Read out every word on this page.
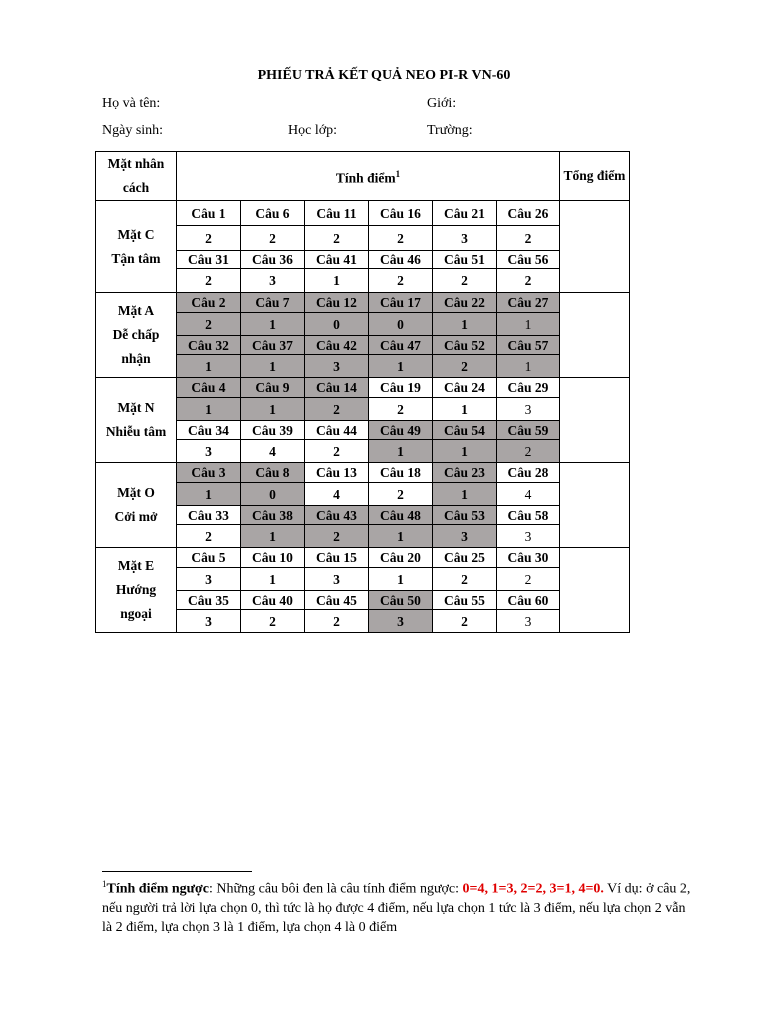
PHIẾU TRẢ KẾT QUẢ NEO PI-R VN-60
Họ và tên:	Giới:
Ngày sinh:	Học lớp:	Trường:
Mặt nhân cách	Tính điểm$^1$						Tổng điểm
Mặt C
Tận tâm	Câu 1	Câu 6	Câu 11	Câu 16	Câu 21	Câu 26	
	2	2	2	2	3	2	
	Câu 31	Câu 36	Câu 41	Câu 46	Câu 51	Câu 56	
	2	3	1	2	2	2	
Mặt A
Dễ chấp
nhận	Câu 2	Câu 7	Câu 12	Câu 17	Câu 22	Câu 27	
	2	1	0	0	1	1	
	Câu 32	Câu 37	Câu 42	Câu 47	Câu 52	Câu 57	
	1	1	3	1	2	1	
Mặt N
Nhiễu tâm	Câu 4	Câu 9	Câu 14	Câu 19	Câu 24	Câu 29	
	1	1	2	2	1	3	
	Câu 34	Câu 39	Câu 44	Câu 49	Câu 54	Câu 59	
	3	4	2	1	1	2	
Mặt O
Cởi mở	Câu 3	Câu 8	Câu 13	Câu 18	Câu 23	Câu 28	
	1	0	4	2	1	4	
	Câu 33	Câu 38	Câu 43	Câu 48	Câu 53	Câu 58	
	2	1	2	1	3	3	
Mặt E
Hướng
ngoại	Câu 5	Câu 10	Câu 15	Câu 20	Câu 25	Câu 30	
	3	1	3	1	2	2	
	Câu 35	Câu 40	Câu 45	Câu 50	Câu 55	Câu 60	
	3	2	2	3	2	3	
$^1$Tính điểm ngược: Những câu bôi đen là câu tính điểm ngược: 0=4, 1=3, 2=2, 3=1, 4=0. Ví dụ: ở câu 2, nếu người trả lời lựa chọn 0, thì tức là họ được 4 điểm, nếu lựa chọn 1 tức là 3 điểm, nếu lựa chọn 2 vẫn là 2 điểm, lựa chọn 3 là 1 điểm, lựa chọn 4 là 0 điểm
